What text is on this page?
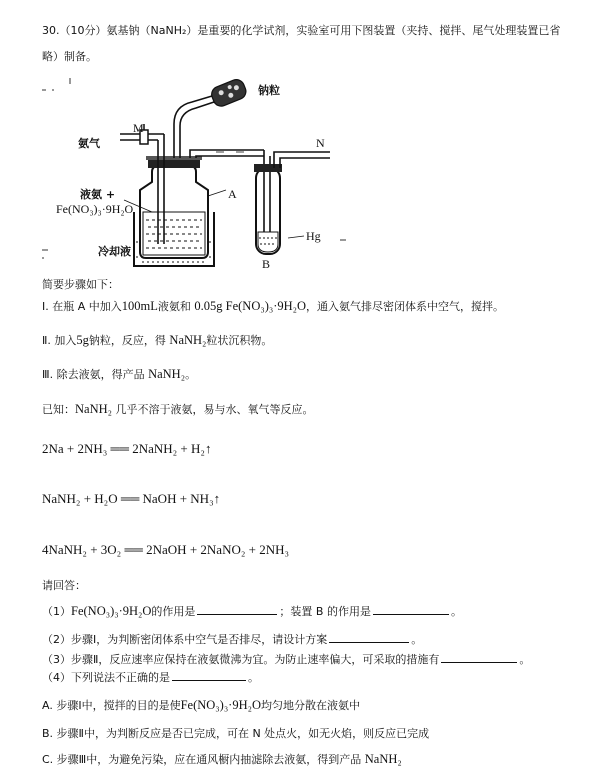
30.（10分）氨基钠（NaNH₂）是重要的化学试剂，实验室可用下图装置（夹持、搅拌、尾气处理装置已省
略）制备。
钠粒
M
氨气	N
液氨 +
Fe(NO₃)₃·9H₂O
A
Hg
冷却液
B
简要步骤如下：
Ⅰ. 在瓶 A 中加入100mL液氨和 0.05g Fe(NO₃)₃·9H₂O，通入氨气排尽密闭体系中空气，搅拌。
Ⅱ. 加入5g钠粒，反应，得 NaNH₂粒状沉积物。
Ⅲ. 除去液氨，得产品 NaNH₂。
已知：NaNH₂ 几乎不溶于液氨，易与水、氧气等反应。
2Na + 2NH₃ ══ 2NaNH₂ + H₂↑
NaNH₂ + H₂O ══ NaOH + NH₃↑
4NaNH₂ + 3O₂ ══ 2NaOH + 2NaNO₂ + 2NH₃
请回答：
（1）Fe(NO₃)₃·9H₂O的作用是	；装置 B 的作用是	。
（2）步骤Ⅰ，为判断密闭体系中空气是否排尽，请设计方案	。
（3）步骤Ⅱ，反应速率应保持在液氨微沸为宜。为防止速率偏大，可采取的措施有	。
（4）下列说法不正确的是	。
A. 步骤Ⅰ中，搅拌的目的是使Fe(NO₃)₃·9H₂O均匀地分散在液氨中
B. 步骤Ⅱ中，为判断反应是否已完成，可在 N 处点火，如无火焰，则反应已完成
C. 步骤Ⅲ中，为避免污染，应在通风橱内抽滤除去液氨，得到产品 NaNH₂
